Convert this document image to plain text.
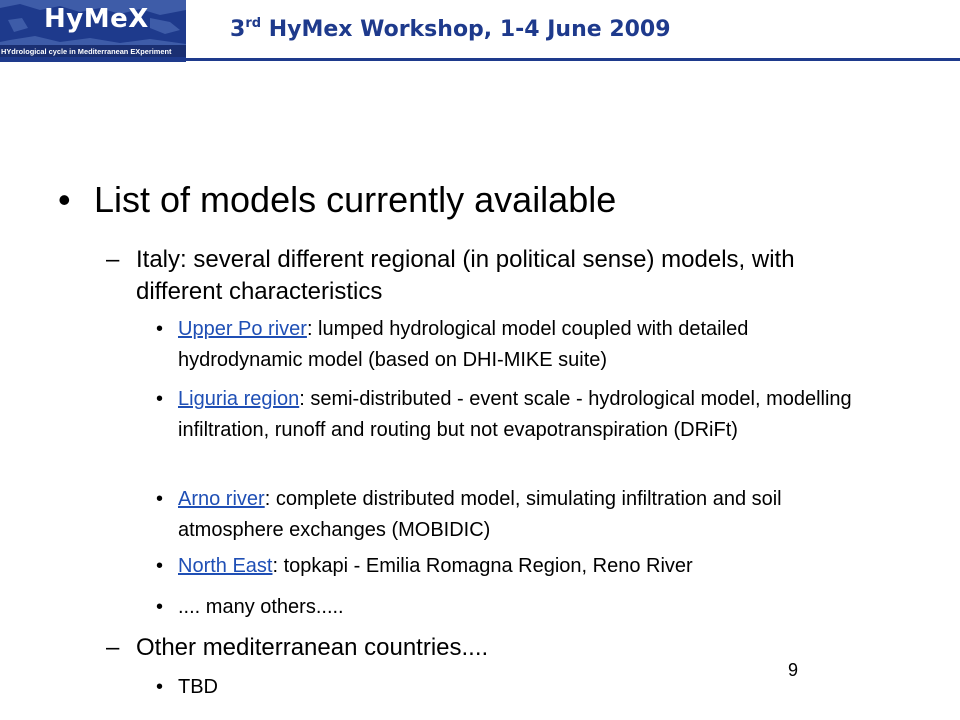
HyMeX
HYdrological cycle in Mediterranean EXperiment
3rd HyMex Workshop, 1-4 June 2009
• List of models currently available
– Italy: several different regional (in political sense) models, with different characteristics
• Upper Po river: lumped hydrological model coupled with detailed hydrodynamic model (based on DHI-MIKE suite)
• Liguria region: semi-distributed - event scale - hydrological model, modelling infiltration, runoff and routing but not evapotranspiration (DRiFt)
• Arno river: complete distributed model, simulating infiltration and soil atmosphere exchanges (MOBIDIC)
• North East: topkapi - Emilia Romagna Region, Reno River
• .... many others.....
– Other mediterranean countries....
• TBD
9
